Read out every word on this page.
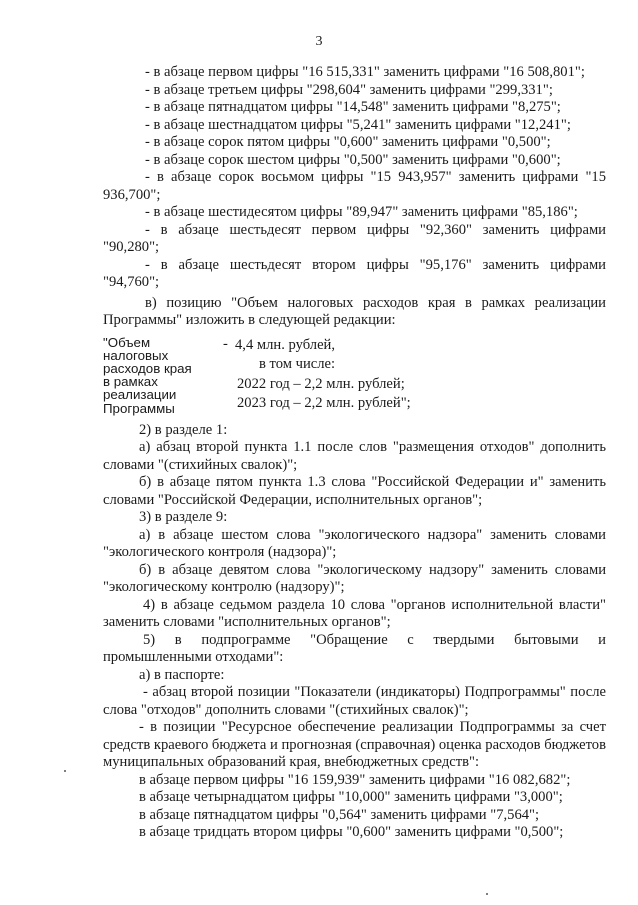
3

- в абзаце первом цифры "16 515,331" заменить цифрами "16 508,801";

- в абзаце третьем цифры "298,604" заменить цифрами "299,331";

- в абзаце пятнадцатом цифры "14,548" заменить цифрами "8,275";

- в абзаце шестнадцатом цифры "5,241" заменить цифрами "12,241";

- в абзаце сорок пятом цифры "0,600" заменить цифрами "0,500";

- в абзаце сорок шестом цифры "0,500" заменить цифрами "0,600";

- в абзаце сорок восьмом цифры "15 943,957" заменить цифрами "15 936,700";

- в абзаце шестидесятом цифры "89,947" заменить цифрами "85,186";

- в абзаце шестьдесят первом цифры "92,360" заменить цифрами "90,280";

- в абзаце шестьдесят втором цифры "95,176" заменить цифрами "94,760";

в) позицию "Объем налоговых расходов края в рамках реализации Программы" изложить в следующей редакции:

"Объем налоговых расходов края в рамках реализации Программы
- 4,4 млн. рублей,
в том числе:
2022 год – 2,2 млн. рублей;
2023 год – 2,2 млн. рублей";

2) в разделе 1:

а) абзац второй пункта 1.1 после слов "размещения отходов" дополнить словами "(стихийных свалок)";

б) в абзаце пятом пункта 1.3 слова "Российской Федерации и" заменить словами "Российской Федерации, исполнительных органов";

3) в разделе 9:

а) в абзаце шестом слова "экологического надзора" заменить словами "экологического контроля (надзора)";

б) в абзаце девятом слова "экологическому надзору" заменить словами "экологическому контролю (надзору)";

4) в абзаце седьмом раздела 10 слова "органов исполнительной власти" заменить словами "исполнительных органов";

5) в подпрограмме "Обращение с твердыми бытовыми и промышленными отходами":

а) в паспорте:

- абзац второй позиции "Показатели (индикаторы) Подпрограммы" после слова "отходов" дополнить словами "(стихийных свалок)";

- в позиции "Ресурсное обеспечение реализации Подпрограммы за счет средств краевого бюджета и прогнозная (справочная) оценка расходов бюджетов муниципальных образований края, внебюджетных средств":

в абзаце первом цифры "16 159,939" заменить цифрами "16 082,682";

в абзаце четырнадцатом цифры "10,000" заменить цифрами "3,000";

в абзаце пятнадцатом цифры "0,564" заменить цифрами "7,564";

в абзаце тридцать втором цифры "0,600" заменить цифрами "0,500";
